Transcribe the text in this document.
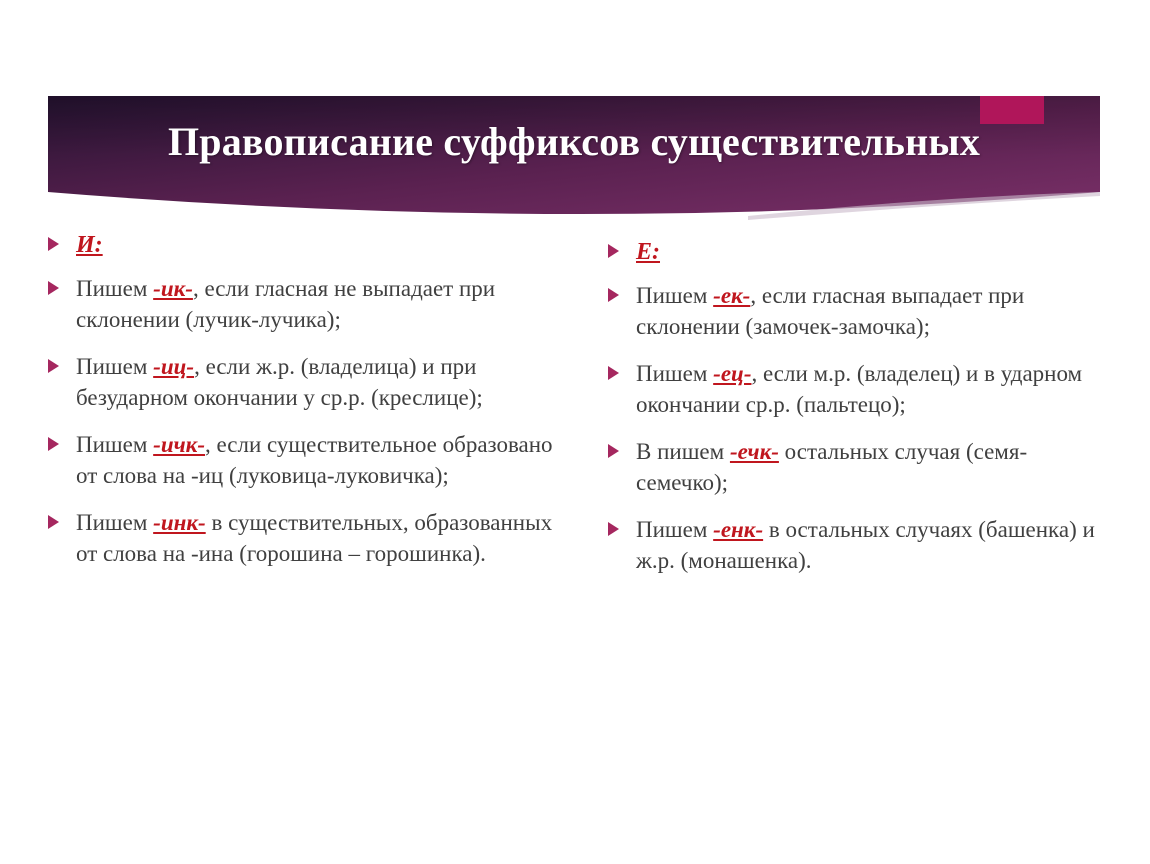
Правописание суффиксов существительных
И:
Пишем -ик-, если гласная не выпадает при склонении (лучик-лучика);
Пишем -иц-, если ж.р. (владелица) и при безударном окончании у ср.р. (креслице);
Пишем -ичк-, если существительное образовано от слова на -иц (луковица-луковичка);
Пишем -инк- в существительных, образованных от слова на -ина (горошина – горошинка).
Е:
Пишем -ек-, если гласная выпадает при склонении (замочек-замочка);
Пишем -ец-, если м.р. (владелец) и в ударном окончании ср.р. (пальтецо);
В пишем -ечк- остальных случая (семя-семечко);
Пишем -енк- в остальных случаях (башенка) и ж.р. (монашенка).
